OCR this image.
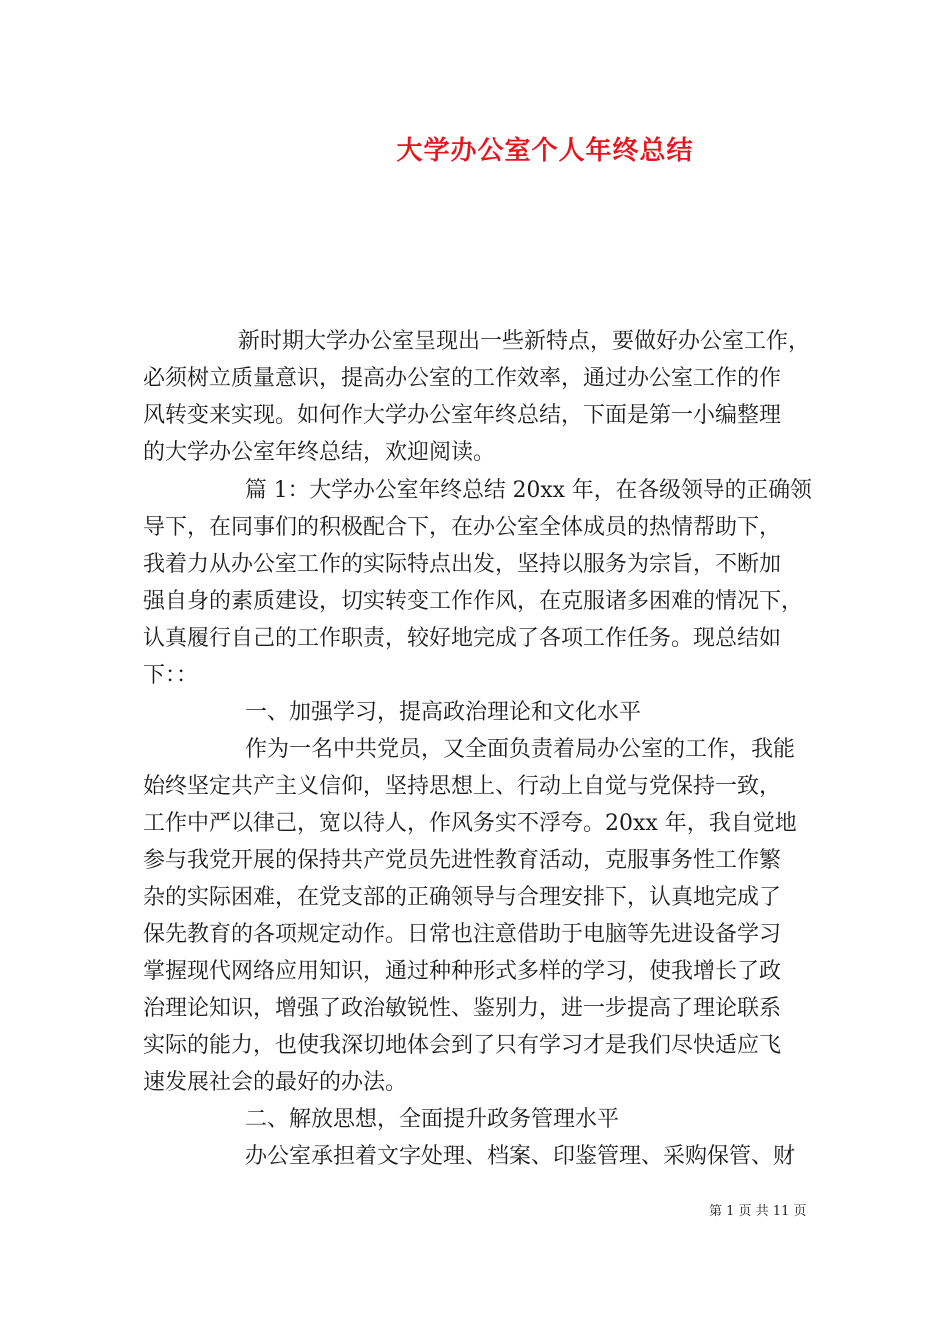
大学办公室个人年终总结
新时期大学办公室呈现出一些新特点，要做好办公室工作，
必须树立质量意识，提高办公室的工作效率，通过办公室工作的作
风转变来实现。如何作大学办公室年终总结，下面是第一小编整理
的大学办公室年终总结，欢迎阅读。
篇 1：大学办公室年终总结 20xx 年，在各级领导的正确领
导下，在同事们的积极配合下，在办公室全体成员的热情帮助下，
我着力从办公室工作的实际特点出发，坚持以服务为宗旨，不断加
强自身的素质建设，切实转变工作作风，在克服诸多困难的情况下，
认真履行自己的工作职责，较好地完成了各项工作任务。现总结如
下：：
一、加强学习，提高政治理论和文化水平
作为一名中共党员，又全面负责着局办公室的工作，我能
始终坚定共产主义信仰，坚持思想上、行动上自觉与党保持一致，
工作中严以律己，宽以待人，作风务实不浮夸。20xx 年，我自觉地
参与我党开展的保持共产党员先进性教育活动，克服事务性工作繁
杂的实际困难，在党支部的正确领导与合理安排下，认真地完成了
保先教育的各项规定动作。日常也注意借助于电脑等先进设备学习
掌握现代网络应用知识，通过种种形式多样的学习，使我增长了政
治理论知识，增强了政治敏锐性、鉴别力，进一步提高了理论联系
实际的能力，也使我深切地体会到了只有学习才是我们尽快适应飞
速发展社会的最好的办法。
二、解放思想，全面提升政务管理水平
办公室承担着文字处理、档案、印鉴管理、采购保管、财
第 1 页 共 11 页
